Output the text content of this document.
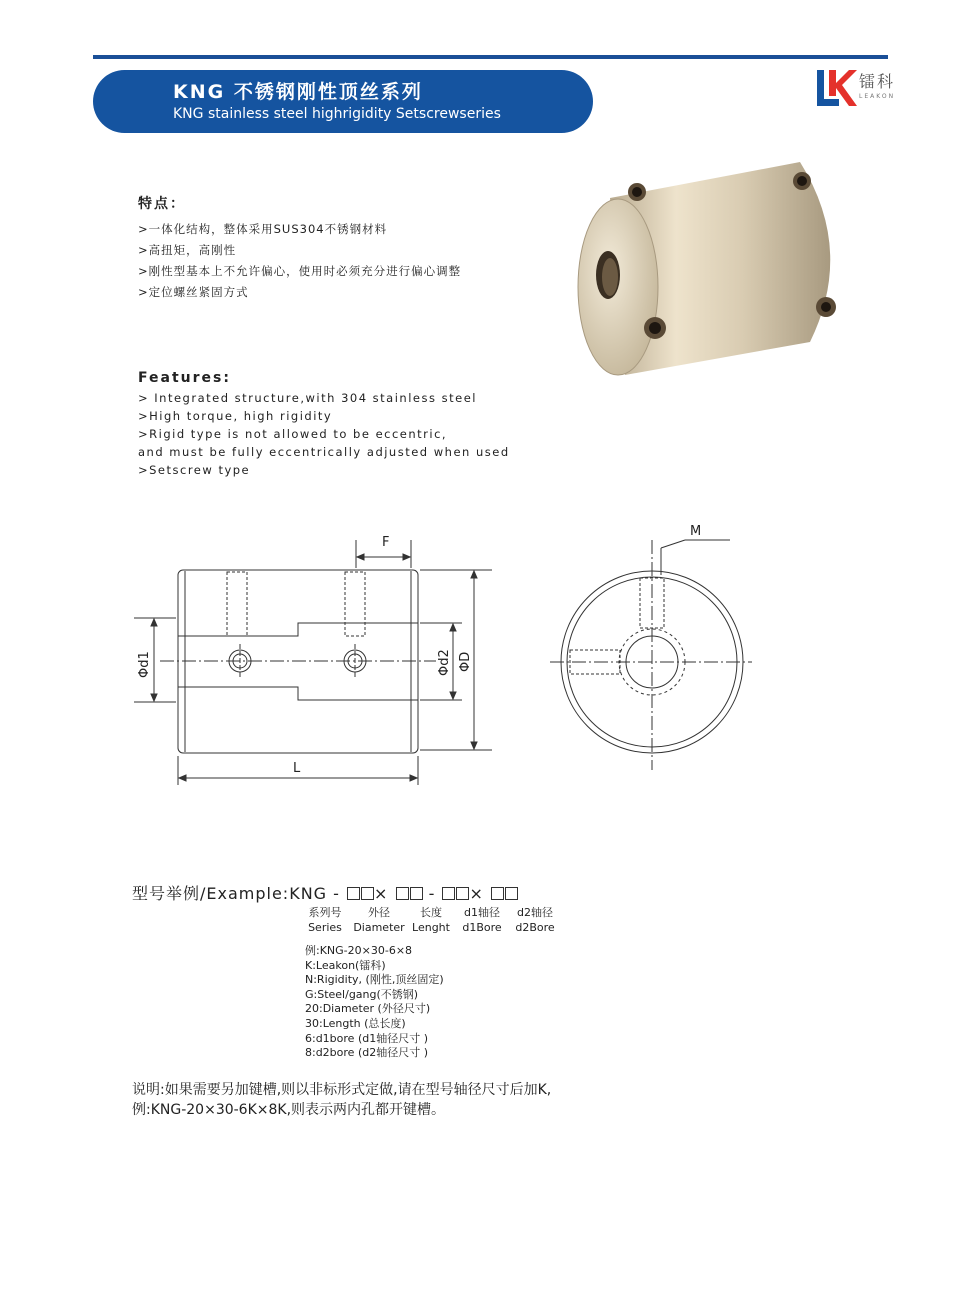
KNG 不锈钢刚性顶丝系列
KNG stainless steel highrigidity Setscrewseries
镭科
LEAKON
特点：
>一体化结构，整体采用SUS304不锈钢材料
>高扭矩，高刚性
>刚性型基本上不允许偏心，使用时必须充分进行偏心调整
>定位螺丝紧固方式
Features:
> Integrated structure,with 304 stainless steel
>High torque, high rigidity
>Rigid type is not allowed to be eccentric,
and must be fully eccentrically adjusted when used
>Setscrew type
F
Φd1	Φd2 ΦD
L
M
型号举例/Example:KNG - ×	- ×
系列号
Series
外径
Diameter
长度
Lenght
d1轴径
d1Bore
d2轴径
d2Bore
例:KNG-20×30-6×8
K:Leakon(镭科)
N:Rigidity, (刚性,顶丝固定)
G:Steel/gang(不锈钢)
20:Diameter (外径尺寸)
30:Length (总长度)
6:d1bore (d1轴径尺寸 )
8:d2bore (d2轴径尺寸 )
说明:如果需要另加键槽,则以非标形式定做,请在型号轴径尺寸后加K,
例:KNG-20×30-6K×8K,则表示两内孔都开键槽。
